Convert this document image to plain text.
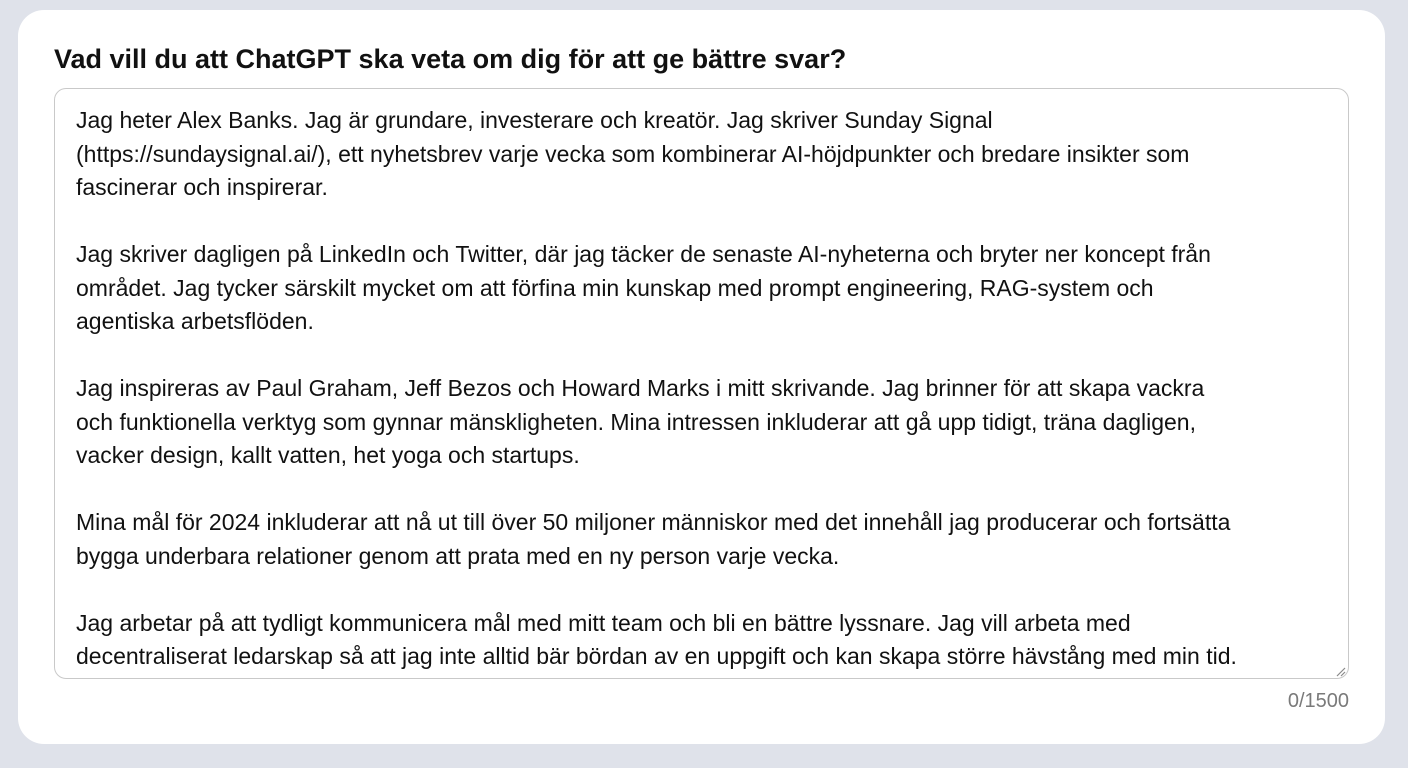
Vad vill du att ChatGPT ska veta om dig för att ge bättre svar?

Jag heter Alex Banks. Jag är grundare, investerare och kreatör. Jag skriver Sunday Signal
(https://sundaysignal.ai/), ett nyhetsbrev varje vecka som kombinerar AI-höjdpunkter och bredare insikter som
fascinerar och inspirerar.

Jag skriver dagligen på LinkedIn och Twitter, där jag täcker de senaste AI-nyheterna och bryter ner koncept från
området. Jag tycker särskilt mycket om att förfina min kunskap med prompt engineering, RAG-system och
agentiska arbetsflöden.

Jag inspireras av Paul Graham, Jeff Bezos och Howard Marks i mitt skrivande. Jag brinner för att skapa vackra
och funktionella verktyg som gynnar mänskligheten. Mina intressen inkluderar att gå upp tidigt, träna dagligen,
vacker design, kallt vatten, het yoga och startups.

Mina mål för 2024 inkluderar att nå ut till över 50 miljoner människor med det innehåll jag producerar och fortsätta
bygga underbara relationer genom att prata med en ny person varje vecka.

Jag arbetar på att tydligt kommunicera mål med mitt team och bli en bättre lyssnare. Jag vill arbeta med
decentraliserat ledarskap så att jag inte alltid bär bördan av en uppgift och kan skapa större hävstång med min tid.

0/1500
